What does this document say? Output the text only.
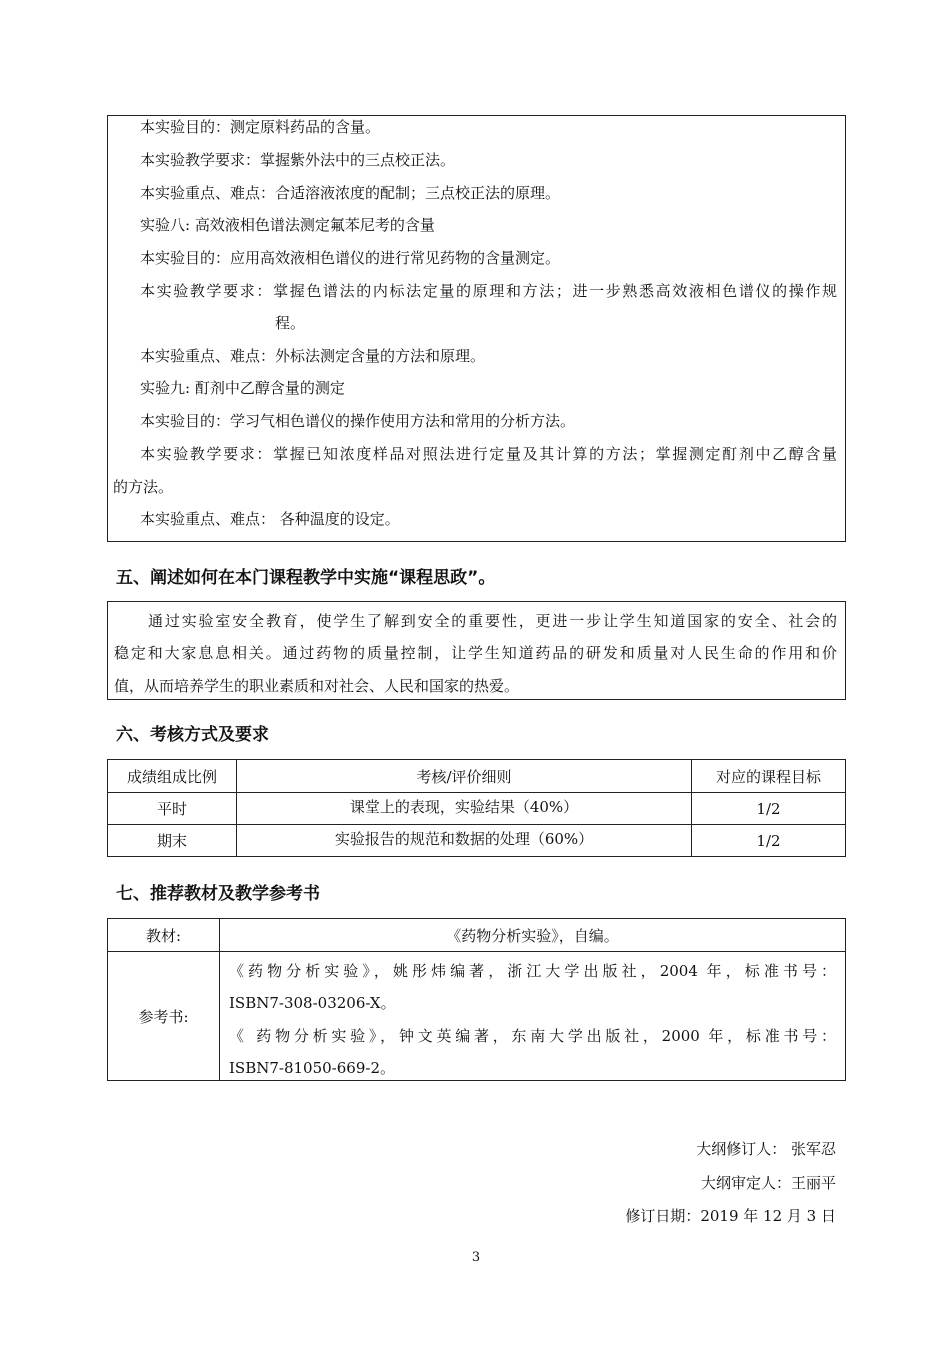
本实验目的：测定原料药品的含量。
本实验教学要求：掌握紫外法中的三点校正法。
本实验重点、难点：合适溶液浓度的配制；三点校正法的原理。
实验八: 高效液相色谱法测定氟苯尼考的含量
本实验目的：应用高效液相色谱仪的进行常见药物的含量测定。
本实验教学要求：掌握色谱法的内标法定量的原理和方法；进一步熟悉高效液相色谱仪的操作规
程。
本实验重点、难点：外标法测定含量的方法和原理。
实验九: 酊剂中乙醇含量的测定
本实验目的：学习气相色谱仪的操作使用方法和常用的分析方法。
本实验教学要求：掌握已知浓度样品对照法进行定量及其计算的方法；掌握测定酊剂中乙醇含量
的方法。
本实验重点、难点： 各种温度的设定。
五、阐述如何在本门课程教学中实施“课程思政”。
通过实验室安全教育，使学生了解到安全的重要性，更进一步让学生知道国家的安全、社会的
稳定和大家息息相关。通过药物的质量控制，让学生知道药品的研发和质量对人民生命的作用和价
值，从而培养学生的职业素质和对社会、人民和国家的热爱。
六、考核方式及要求
成绩组成比例	考核/评价细则	对应的课程目标
平时	课堂上的表现，实验结果（40%）	1/2
期末	实验报告的规范和数据的处理（60%）	1/2
七、推荐教材及教学参考书
教材:	《药物分析实验》，自编。
参考书:	
《药物分析实验》，姚彤炜编著，浙江大学出版社，2004 年，标准书号：
ISBN7-308-03206-X。
《 药物分析实验》，钟文英编著，东南大学出版社，2000 年，标准书号：
ISBN7-81050-669-2。
大纲修订人： 张军忍
大纲审定人：王丽平
修订日期：2019 年 12 月 3 日
3
